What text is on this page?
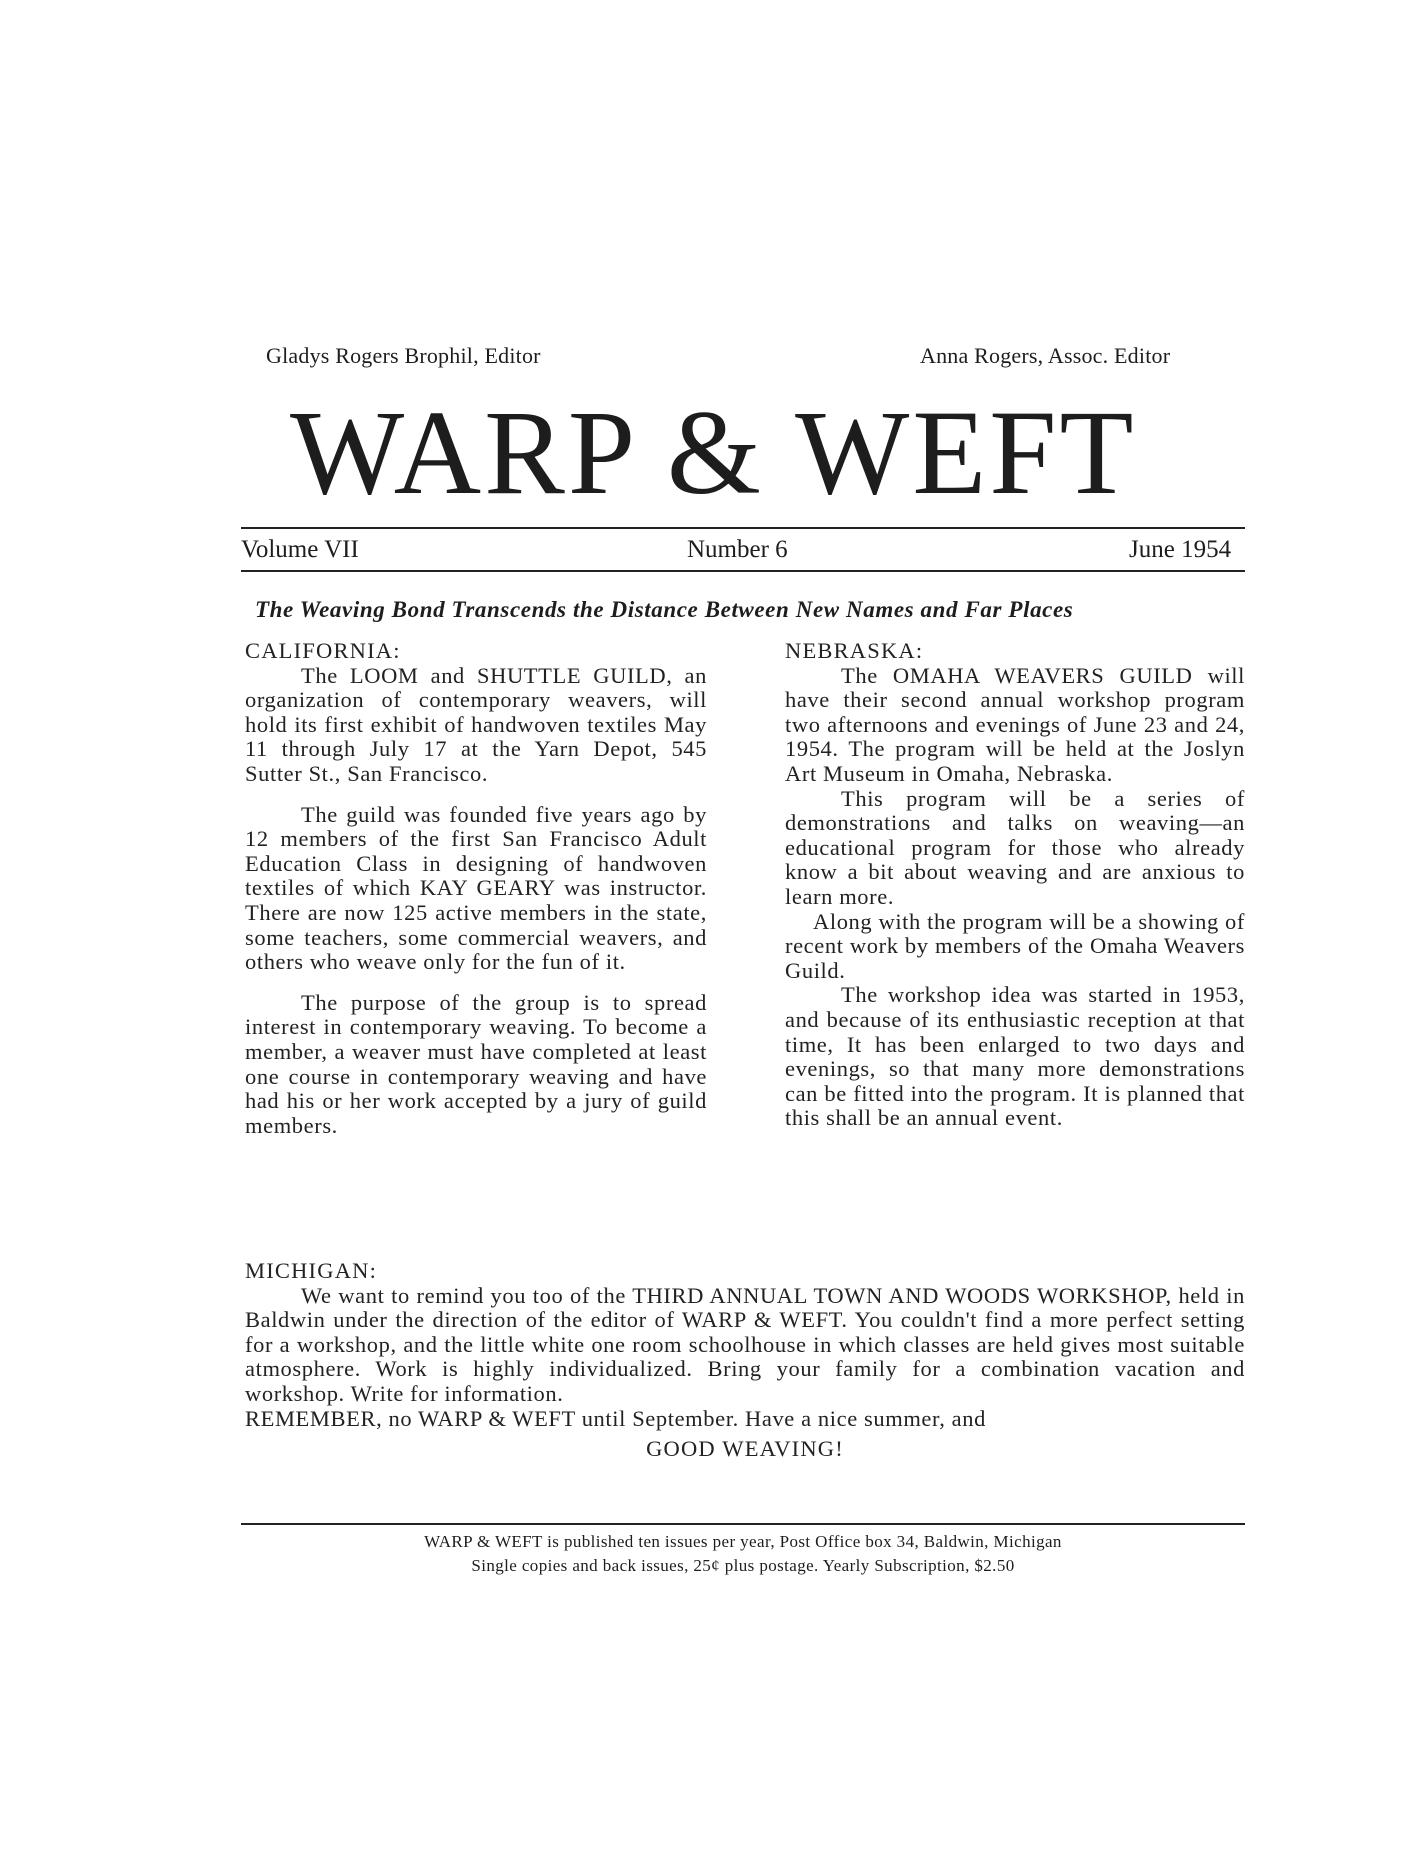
Gladys Rogers Brophil, Editor	Anna Rogers, Assoc. Editor
WARP & WEFT
Volume VII	Number 6	June 1954
The Weaving Bond Transcends the Distance Between New Names and Far Places

CALIFORNIA:

The LOOM and SHUTTLE GUILD, an organization of contemporary weavers, will hold its first exhibit of handwoven textiles May 11 through July 17 at the Yarn Depot, 545 Sutter St., San Francisco.

The guild was founded five years ago by 12 members of the first San Francisco Adult Education Class in designing of handwoven textiles of which KAY GEARY was instructor. There are now 125 active members in the state, some teachers, some commercial weavers, and others who weave only for the fun of it.

The purpose of the group is to spread interest in contemporary weaving. To become a member, a weaver must have completed at least one course in contemporary weaving and have had his or her work accepted by a jury of guild members.

NEBRASKA:

The OMAHA WEAVERS GUILD will have their second annual workshop program two afternoons and evenings of June 23 and 24, 1954. The program will be held at the Joslyn Art Museum in Omaha, Nebraska.

This program will be a series of demonstrations and talks on weaving—an educational program for those who already know a bit about weaving and are anxious to learn more.

Along with the program will be a showing of recent work by members of the Omaha Weavers Guild.

The workshop idea was started in 1953, and because of its enthusiastic reception at that time, It has been enlarged to two days and evenings, so that many more demonstrations can be fitted into the program. It is planned that this shall be an annual event.

MICHIGAN:

We want to remind you too of the THIRD ANNUAL TOWN AND WOODS WORKSHOP, held in Baldwin under the direction of the editor of WARP & WEFT. You couldn't find a more perfect setting for a workshop, and the little white one room schoolhouse in which classes are held gives most suitable atmosphere. Work is highly individualized. Bring your family for a combination vacation and workshop. Write for information.

REMEMBER, no WARP & WEFT until September. Have a nice summer, and

GOOD WEAVING!

WARP & WEFT is published ten issues per year, Post Office box 34, Baldwin, Michigan
Single copies and back issues, 25¢ plus postage. Yearly Subscription, $2.50
